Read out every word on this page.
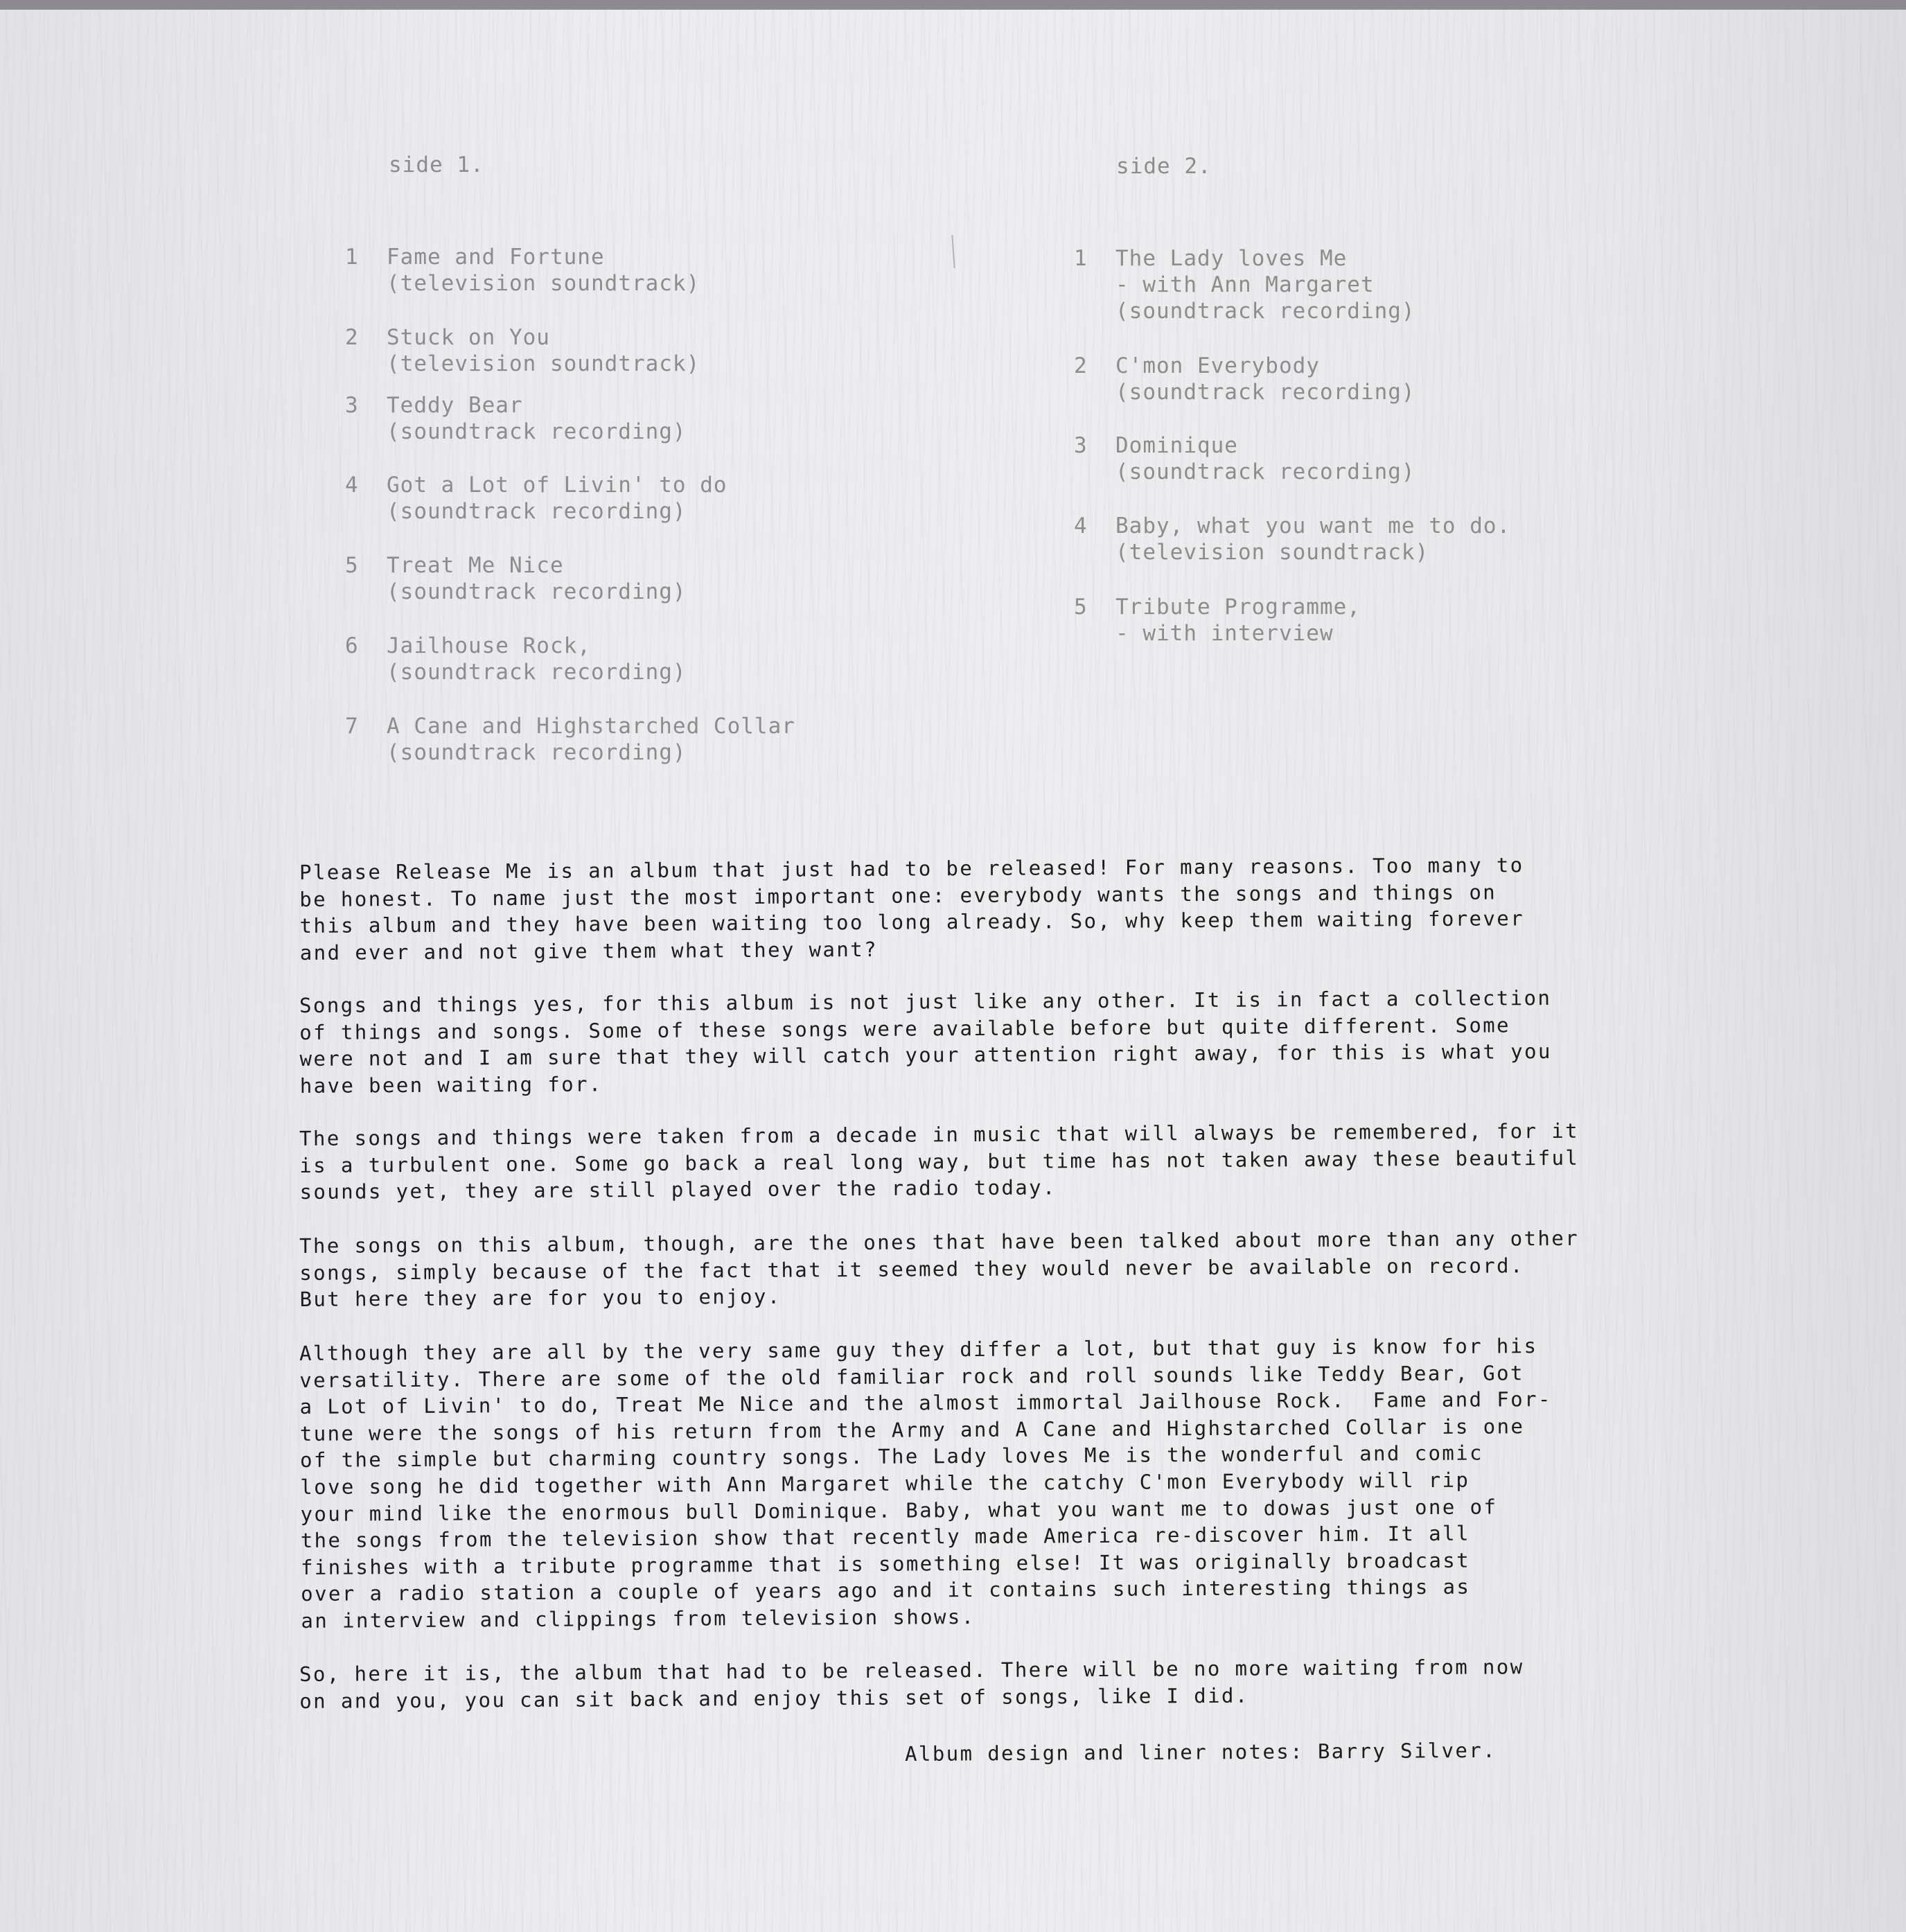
side 1.

1

Fame and Fortune

(television soundtrack)

2

Stuck on You

(television soundtrack)

3

Teddy Bear

(soundtrack recording)

4

Got a Lot of Livin' to do

(soundtrack recording)

5

Treat Me Nice

(soundtrack recording)

6

Jailhouse Rock,

(soundtrack recording)

7

A Cane and Highstarched Collar

(soundtrack recording)

side 2.

1

The Lady loves Me

- with Ann Margaret

(soundtrack recording)

2

C'mon Everybody

(soundtrack recording)

3

Dominique

(soundtrack recording)

4

Baby, what you want me to do.

(television soundtrack)

5

Tribute Programme,

- with interview

Please Release Me is an album that just had to be released! For many reasons. Too many to

be honest. To name just the most important one: everybody wants the songs and things on

this album and they have been waiting too long already. So, why keep them waiting forever

and ever and not give them what they want?

Songs and things yes, for this album is not just like any other. It is in fact a collection

of things and songs. Some of these songs were available before but quite different. Some

were not and I am sure that they will catch your attention right away, for this is what you

have been waiting for.

The songs and things were taken from a decade in music that will always be remembered, for it

is a turbulent one. Some go back a real long way, but time has not taken away these beautiful

sounds yet, they are still played over the radio today.

The songs on this album, though, are the ones that have been talked about more than any other

songs, simply because of the fact that it seemed they would never be available on record.

But here they are for you to enjoy.

Although they are all by the very same guy they differ a lot, but that guy is know for his

versatility. There are some of the old familiar rock and roll sounds like Teddy Bear, Got

a Lot of Livin' to do, Treat Me Nice and the almost immortal Jailhouse Rock.  Fame and For-

tune were the songs of his return from the Army and A Cane and Highstarched Collar is one

of the simple but charming country songs. The Lady loves Me is the wonderful and comic

love song he did together with Ann Margaret while the catchy C'mon Everybody will rip

your mind like the enormous bull Dominique. Baby, what you want me to dowas just one of

the songs from the television show that recently made America re-discover him. It all

finishes with a tribute programme that is something else! It was originally broadcast

over a radio station a couple of years ago and it contains such interesting things as

an interview and clippings from television shows.

So, here it is, the album that had to be released. There will be no more waiting from now

on and you, you can sit back and enjoy this set of songs, like I did.

Album design and liner notes: Barry Silver.
